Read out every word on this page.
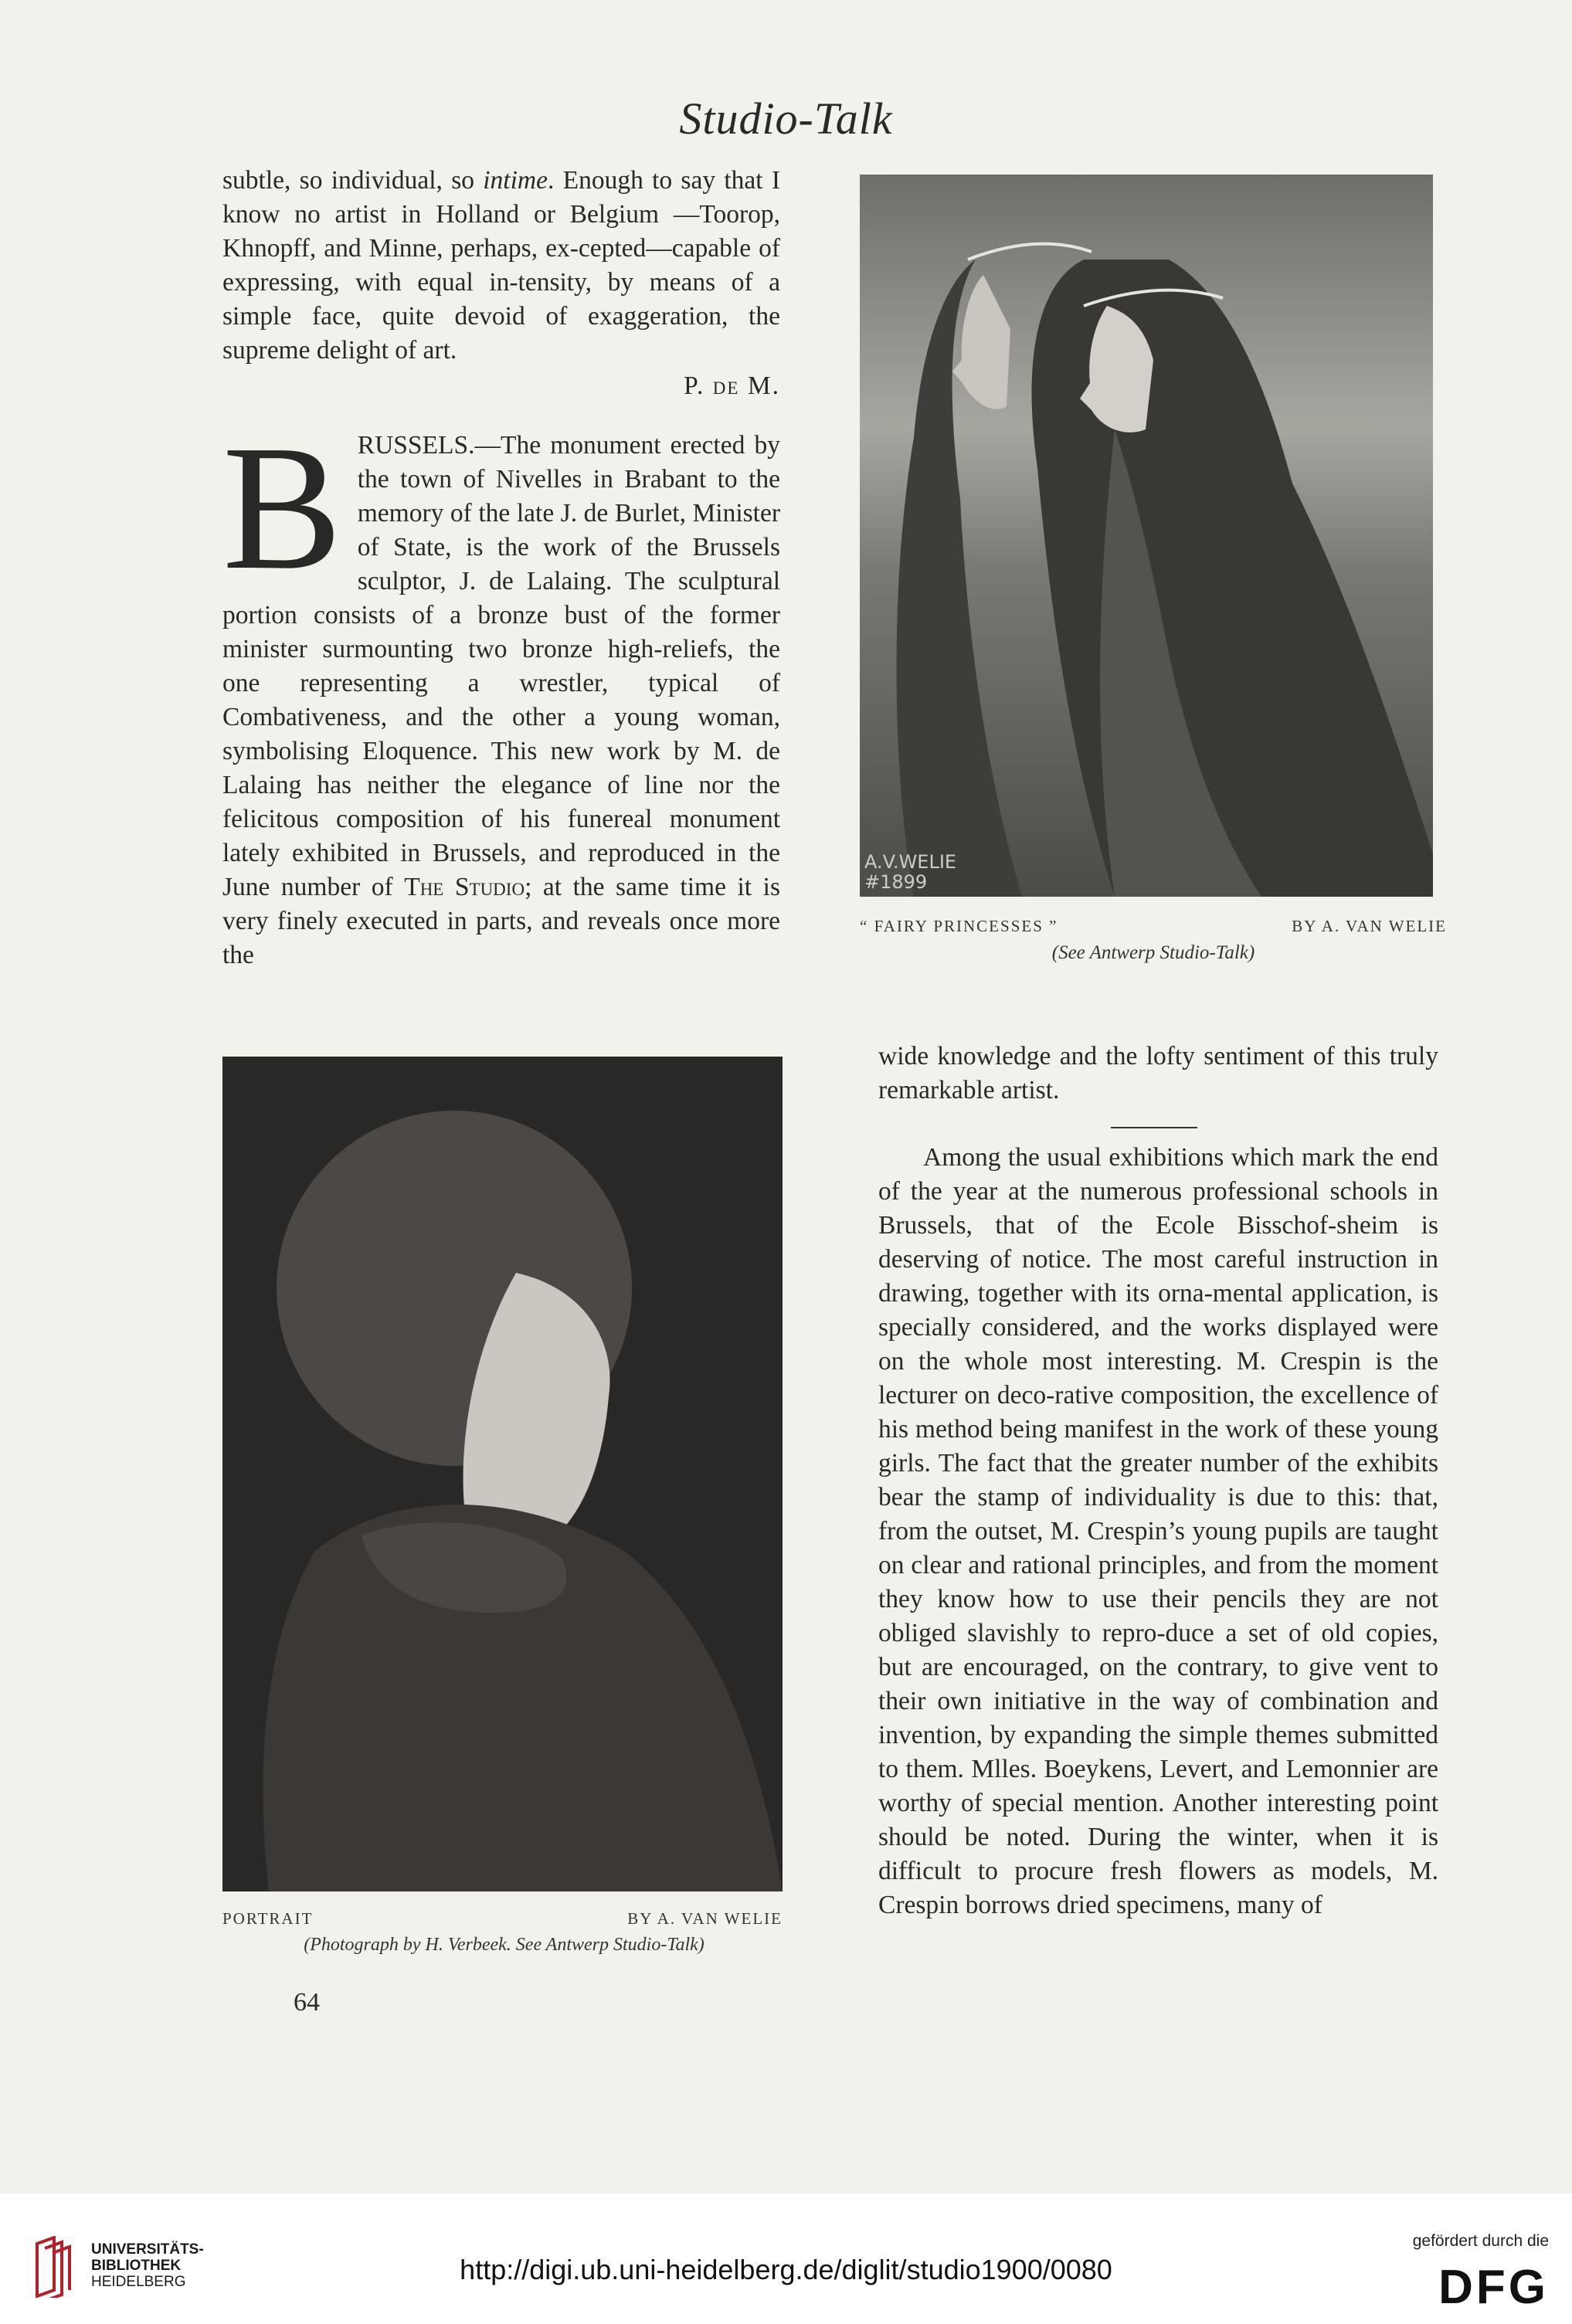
Studio-Talk

subtle, so individual, so intime. Enough to say that I know no artist in Holland or Belgium —Toorop, Khnopff, and Minne, perhaps, ex-cepted—capable of expressing, with equal in-tensity, by means of a simple face, quite devoid of exaggeration, the supreme delight of art.

P. de M.
B RUSSELS.—The monument erected by the town of Nivelles in Brabant to the memory of the late J. de Burlet, Minister of State, is the work of the Brussels sculptor, J. de Lalaing. The sculptural portion consists of a bronze bust of the former minister surmounting two bronze high-reliefs, the one representing a wrestler, typical of Combativeness, and the other a young woman, symbolising Eloquence. This new work by M. de Lalaing has neither the elegance of line nor the felicitous composition of his funereal monument lately exhibited in Brussels, and reproduced in the June number of The Studio; at the same time it is very finely executed in parts, and reveals once more the
A.V.WELIE #1899
“ FAIRY PRINCESSES ”	BY A. VAN WELIE
(See Antwerp Studio-Talk)
PORTRAIT	BY A. VAN WELIE
(Photograph by H. Verbeek. See Antwerp Studio-Talk)
64

wide knowledge and the lofty sentiment of this truly remarkable artist.

Among the usual exhibitions which mark the end of the year at the numerous professional schools in Brussels, that of the Ecole Bisschof-sheim is deserving of notice. The most careful instruction in drawing, together with its orna-mental application, is specially considered, and the works displayed were on the whole most interesting. M. Crespin is the lecturer on deco-rative composition, the excellence of his method being manifest in the work of these young girls. The fact that the greater number of the exhibits bear the stamp of individuality is due to this: that, from the outset, M. Crespin’s young pupils are taught on clear and rational principles, and from the moment they know how to use their pencils they are not obliged slavishly to repro-duce a set of old copies, but are encouraged, on the contrary, to give vent to their own initiative in the way of combination and invention, by expanding the simple themes submitted to them. Mlles. Boeykens, Levert, and Lemonnier are worthy of special mention. Another interesting point should be noted. During the winter, when it is difficult to procure fresh flowers as models, M. Crespin borrows dried specimens, many of

UNIVERSITÄTS-
BIBLIOTHEK
HEIDELBERG	http://digi.ub.uni-heidelberg.de/diglit/studio1900/0080
gefördert durch die
DFG
